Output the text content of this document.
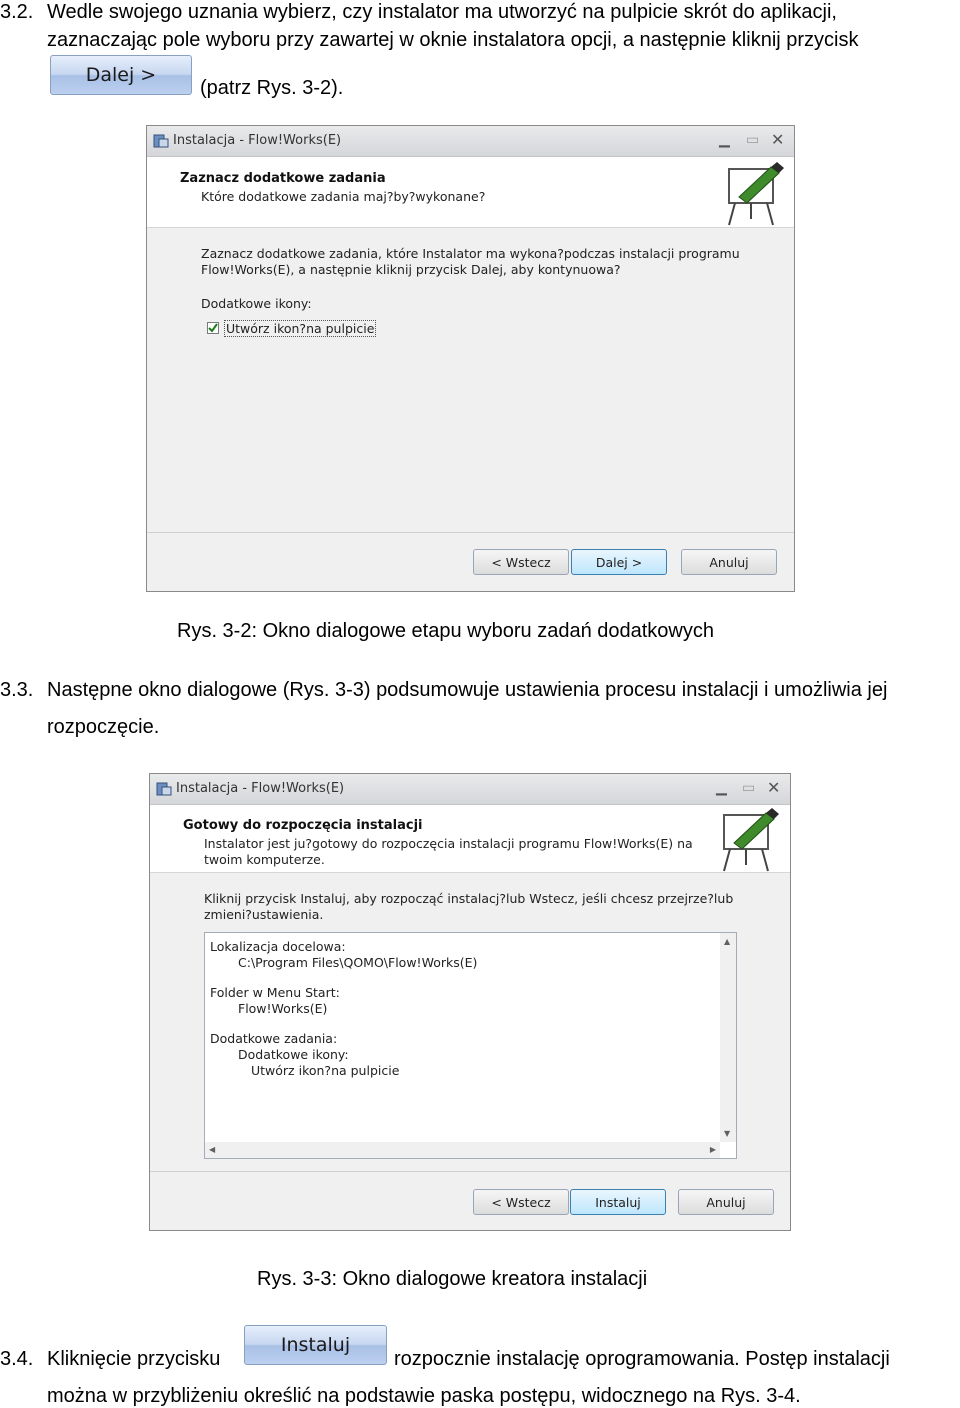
3.2. Wedle swojego uznania wybierz, czy instalator ma utworzyć na pulpicie skrót do aplikacji,
zaznaczając pole wyboru przy zawartej w oknie instalatora opcji, a następnie kliknij przycisk
Dalej >
(patrz Rys. 3-2).
Instalacja - Flow!Works(E)	▁ ▭ ✕
Zaznacz dodatkowe zadania
Które dodatkowe zadania maj?by?wykonane?
Zaznacz dodatkowe zadania, które Instalator ma wykona?podczas instalacji programu
Flow!Works(E), a następnie kliknij przycisk Dalej, aby kontynuowa?
Dodatkowe ikony:
Utwórz ikon?na pulpicie
< Wstecz	Dalej >	Anuluj
Rys. 3-2: Okno dialogowe etapu wyboru zadań dodatkowych
3.3. Następne okno dialogowe (Rys. 3-3) podsumowuje ustawienia procesu instalacji i umożliwia jej
rozpoczęcie.
Instalacja - Flow!Works(E)	▁ ▭ ✕
Gotowy do rozpoczęcia instalacji
Instalator jest ju?gotowy do rozpoczęcia instalacji programu Flow!Works(E) na
twoim komputerze.
Kliknij przycisk Instaluj, aby rozpocząć instalacj?lub Wstecz, jeśli chcesz przejrze?lub
zmieni?ustawienia.
Lokalizacja docelowa:
C:\Program Files\QOMO\Flow!Works(E)
Folder w Menu Start:
Flow!Works(E)
Dodatkowe zadania:
Dodatkowe ikony:
Utwórz ikon?na pulpicie
▲
▼
◀	▶
< Wstecz	Instaluj	Anuluj
Rys. 3-3: Okno dialogowe kreatora instalacji
3.4. Kliknięcie przycisku
Instaluj
rozpocznie instalację oprogramowania. Postęp instalacji
można w przybliżeniu określić na podstawie paska postępu, widocznego na Rys. 3-4.
